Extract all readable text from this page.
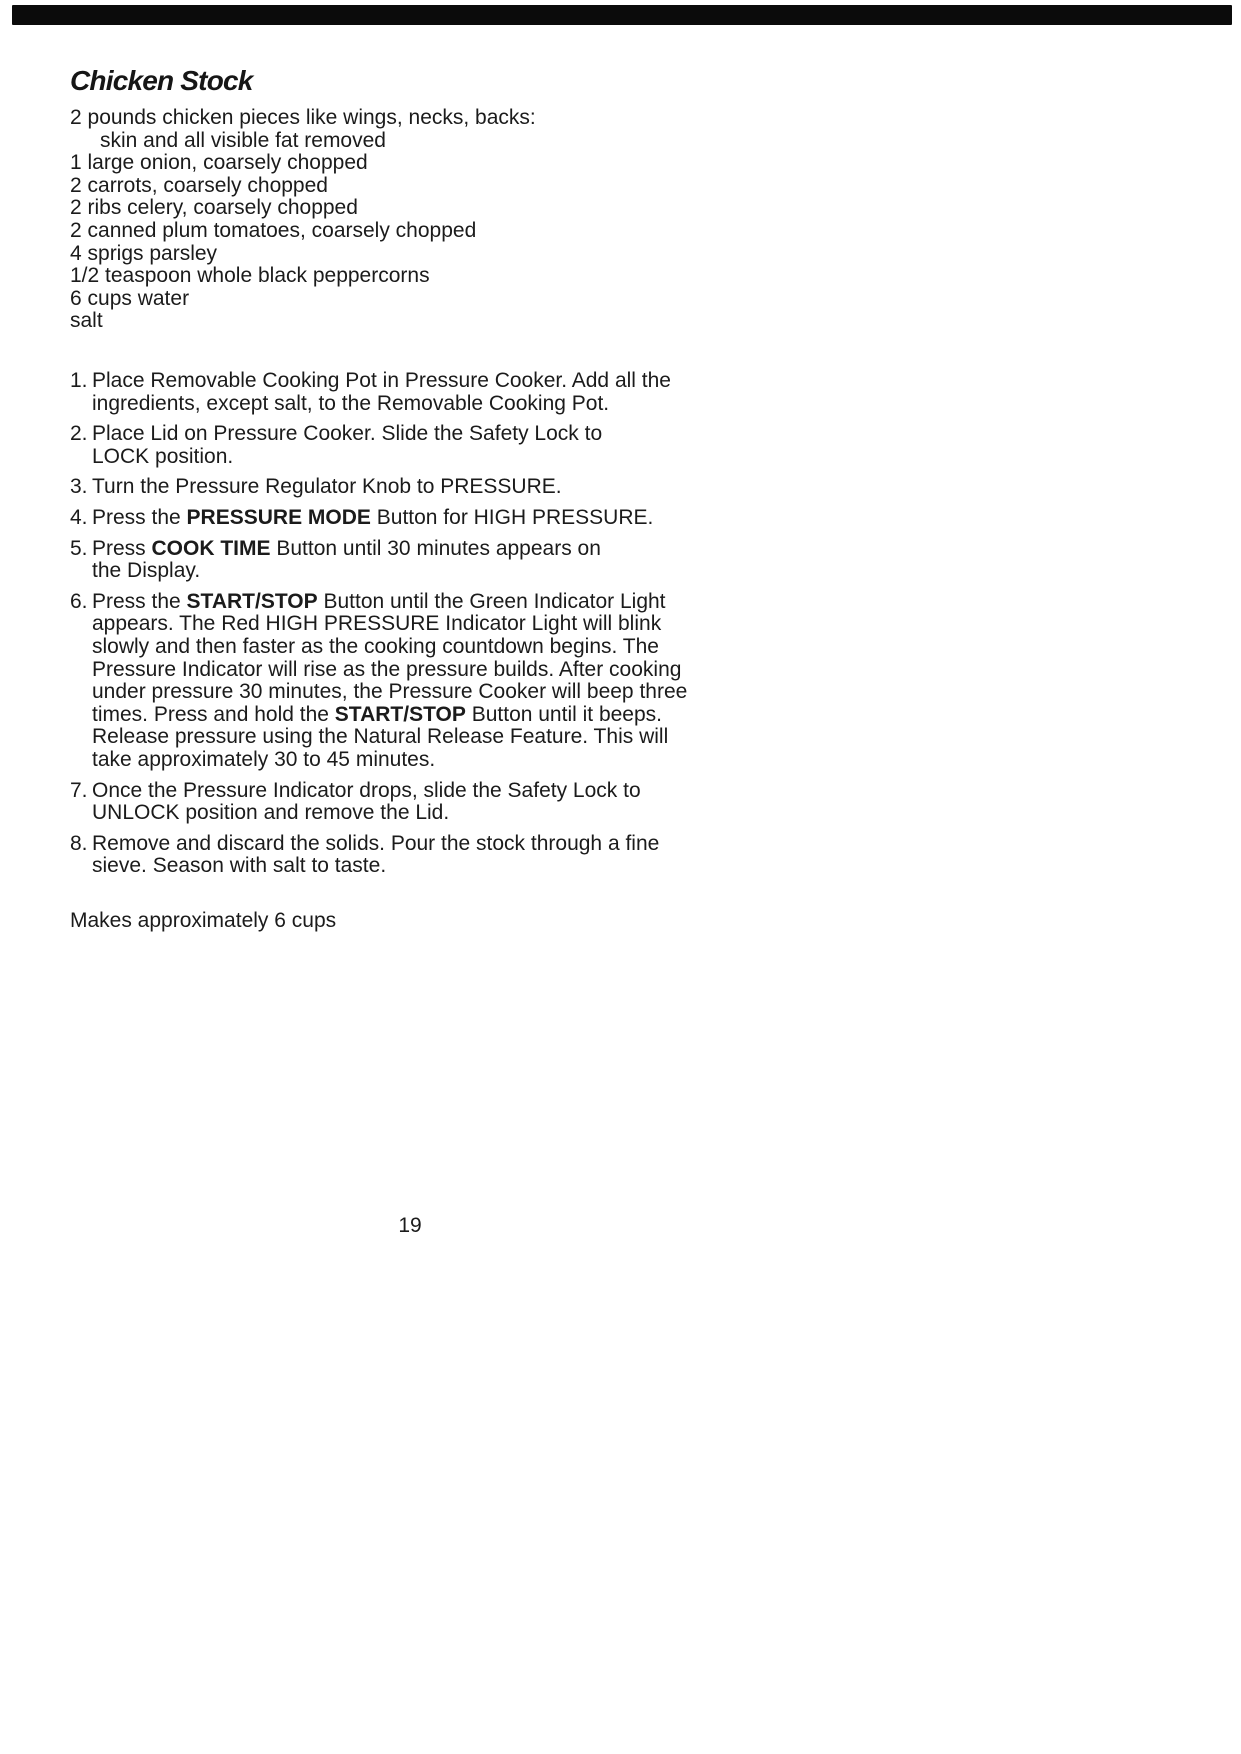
Chicken Stock
2 pounds chicken pieces like wings, necks, backs:
skin and all visible fat removed
1 large onion, coarsely chopped
2 carrots, coarsely chopped
2 ribs celery, coarsely chopped
2 canned plum tomatoes, coarsely chopped
4 sprigs parsley
1/2 teaspoon whole black peppercorns
6 cups water
salt
1. Place Removable Cooking Pot in Pressure Cooker. Add all the
ingredients, except salt, to the Removable Cooking Pot.
2. Place Lid on Pressure Cooker. Slide the Safety Lock to
LOCK position.
3. Turn the Pressure Regulator Knob to PRESSURE.
4. Press the PRESSURE MODE Button for HIGH PRESSURE.
5. Press COOK TIME Button until 30 minutes appears on
the Display.
6. Press the START/STOP Button until the Green Indicator Light
appears. The Red HIGH PRESSURE Indicator Light will blink
slowly and then faster as the cooking countdown begins. The
Pressure Indicator will rise as the pressure builds. After cooking
under pressure 30 minutes, the Pressure Cooker will beep three
times. Press and hold the START/STOP Button until it beeps.
Release pressure using the Natural Release Feature. This will
take approximately 30 to 45 minutes.
7. Once the Pressure Indicator drops, slide the Safety Lock to
UNLOCK position and remove the Lid.
8. Remove and discard the solids. Pour the stock through a fine
sieve. Season with salt to taste.
Makes approximately 6 cups
19
